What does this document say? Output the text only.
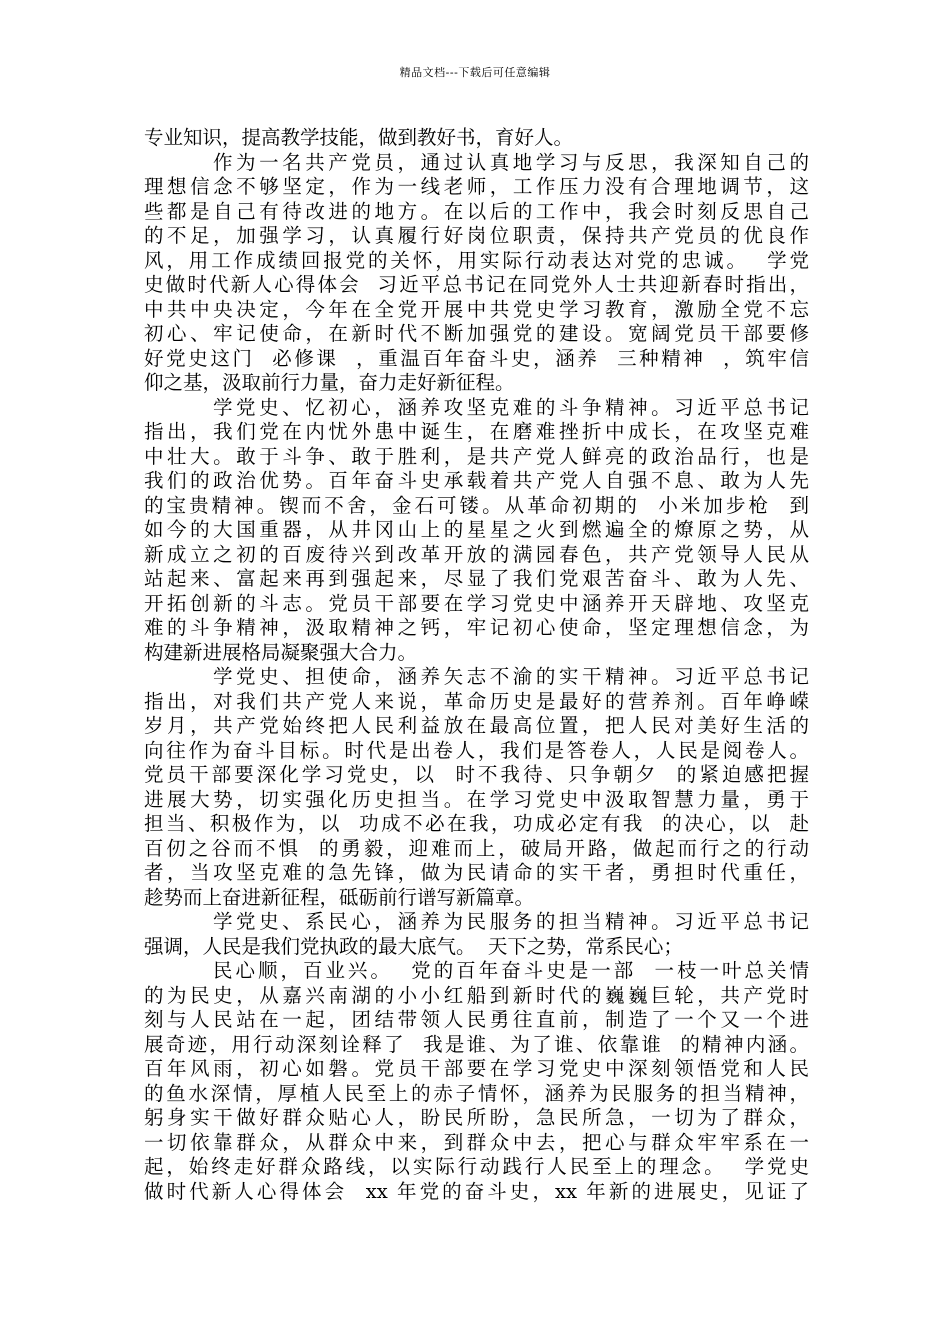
精品文档---下载后可任意编辑
专业知识，提高教学技能，做到教好书，育好人。
作为一名共产党员，通过认真地学习与反思，我深知自己的
理想信念不够坚定，作为一线老师，工作压力没有合理地调节，这
些都是自己有待改进的地方。在以后的工作中，我会时刻反思自己
的不足，加强学习，认真履行好岗位职责，保持共产党员的优良作
风，用工作成绩回报党的关怀，用实际行动表达对党的忠诚。  学党
史做时代新人心得体会  习近平总书记在同党外人士共迎新春时指出，
中共中央决定，今年在全党开展中共党史学习教育，激励全党不忘
初心、牢记使命，在新时代不断加强党的建设。宽阔党员干部要修
好党史这门  必修课  ，重温百年奋斗史，涵养  三种精神  ，筑牢信
仰之基，汲取前行力量，奋力走好新征程。
学党史、忆初心，涵养攻坚克难的斗争精神。习近平总书记
指出，我们党在内忧外患中诞生，在磨难挫折中成长，在攻坚克难
中壮大。敢于斗争、敢于胜利，是共产党人鲜亮的政治品行，也是
我们的政治优势。百年奋斗史承载着共产党人自强不息、敢为人先
的宝贵精神。锲而不舍，金石可镂。从革命初期的  小米加步枪  到
如今的大国重器，从井冈山上的星星之火到燃遍全的燎原之势，从
新成立之初的百废待兴到改革开放的满园春色，共产党领导人民从
站起来、富起来再到强起来，尽显了我们党艰苦奋斗、敢为人先、
开拓创新的斗志。党员干部要在学习党史中涵养开天辟地、攻坚克
难的斗争精神，汲取精神之钙，牢记初心使命，坚定理想信念，为
构建新进展格局凝聚强大合力。
学党史、担使命，涵养矢志不渝的实干精神。习近平总书记
指出，对我们共产党人来说，革命历史是最好的营养剂。百年峥嵘
岁月，共产党始终把人民利益放在最高位置，把人民对美好生活的
向往作为奋斗目标。时代是出卷人，我们是答卷人，人民是阅卷人。
党员干部要深化学习党史，以  时不我待、只争朝夕  的紧迫感把握
进展大势，切实强化历史担当。在学习党史中汲取智慧力量，勇于
担当、积极作为，以  功成不必在我，功成必定有我  的决心，以  赴
百仞之谷而不惧  的勇毅，迎难而上，破局开路，做起而行之的行动
者，当攻坚克难的急先锋，做为民请命的实干者，勇担时代重任，
趁势而上奋进新征程，砥砺前行谱写新篇章。
学党史、系民心，涵养为民服务的担当精神。习近平总书记
强调，人民是我们党执政的最大底气。  天下之势，常系民心；
民心顺，百业兴。  党的百年奋斗史是一部  一枝一叶总关情
的为民史，从嘉兴南湖的小小红船到新时代的巍巍巨轮，共产党时
刻与人民站在一起，团结带领人民勇往直前，制造了一个又一个进
展奇迹，用行动深刻诠释了  我是谁、为了谁、依靠谁  的精神内涵。
百年风雨，初心如磐。党员干部要在学习党史中深刻领悟党和人民
的鱼水深情，厚植人民至上的赤子情怀，涵养为民服务的担当精神，
躬身实干做好群众贴心人，盼民所盼，急民所急，一切为了群众，
一切依靠群众，从群众中来，到群众中去，把心与群众牢牢系在一
起，始终走好群众路线，以实际行动践行人民至上的理念。  学党史
做时代新人心得体会  xx 年党的奋斗史，xx 年新的进展史，见证了
